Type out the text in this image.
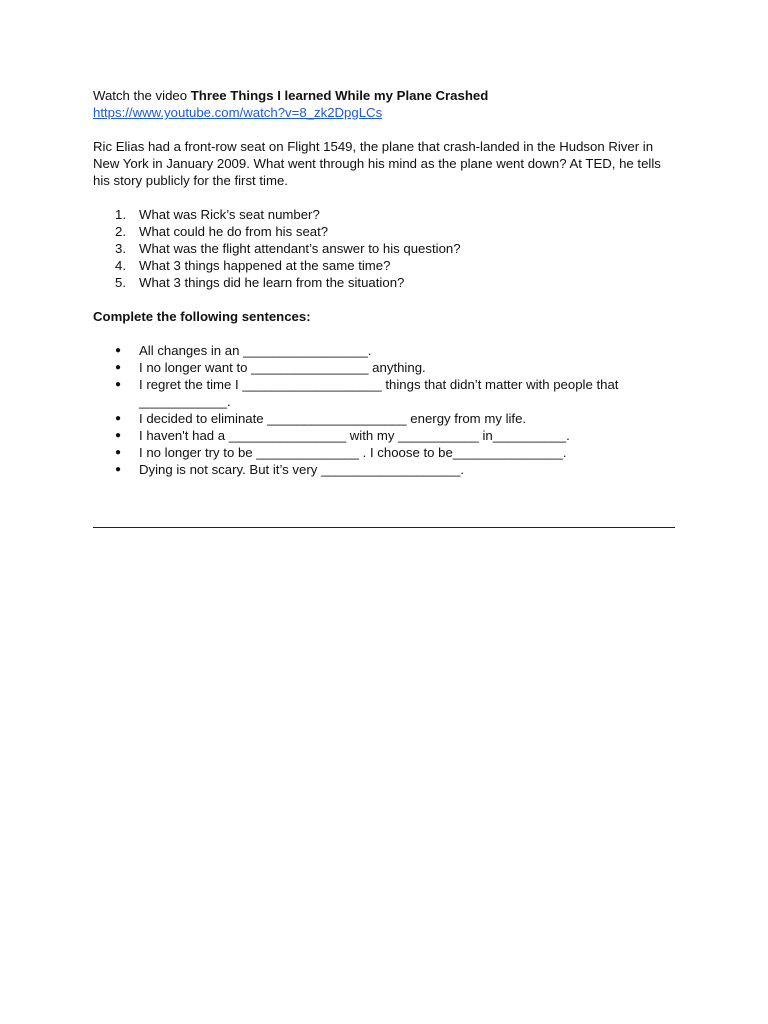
Watch the video Three Things I learned While my Plane Crashed

https://www.youtube.com/watch?v=8_zk2DpgLCs

Ric Elias had a front-row seat on Flight 1549, the plane that crash-landed in the Hudson River in New York in January 2009. What went through his mind as the plane went down? At TED, he tells his story publicly for the first time.

1. What was Rick’s seat number?
2. What could he do from his seat?
3. What was the flight attendant’s answer to his question?
4. What 3 things happened at the same time?
5. What 3 things did he learn from the situation?

Complete the following sentences:

● All changes in an _________________.
● I no longer want to ________________ anything.
● I regret the time I ___________________ things that didn’t matter with people that ____________.
● I decided to eliminate ___________________ energy from my life.
● I haven't had a ________________ with my ___________ in__________.
● I no longer try to be ______________ . I choose to be_______________.
● Dying is not scary. But it’s very ___________________.
